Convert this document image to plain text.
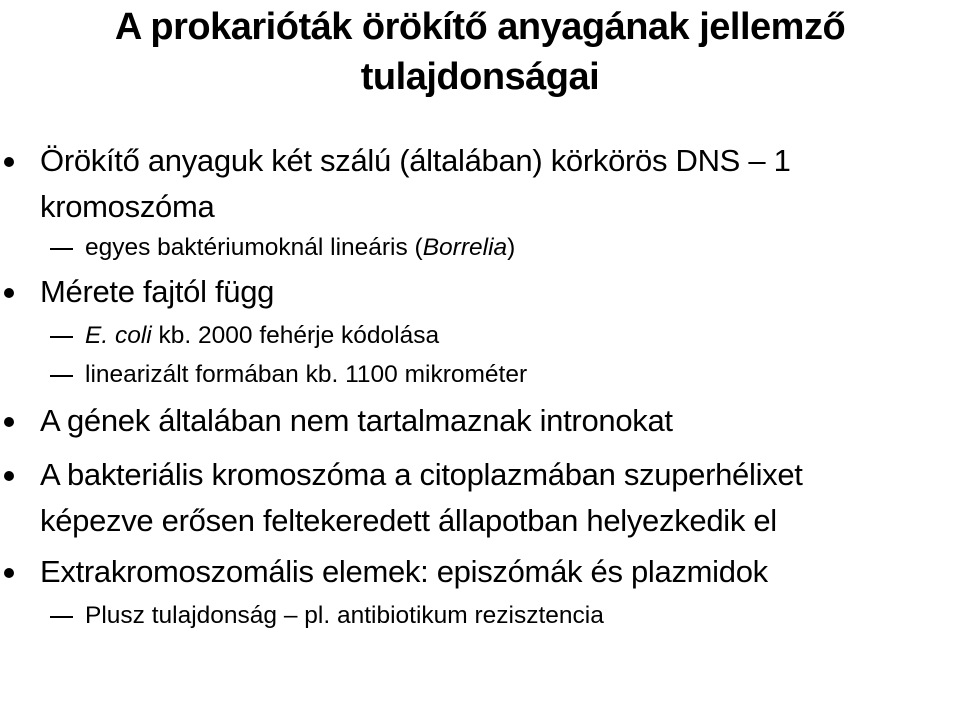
A prokarióták örökítő anyagának jellemző
tulajdonságai
Örökítő anyaguk két szálú (általában) körkörös DNS – 1
kromoszóma
egyes baktériumoknál lineáris (Borrelia)
Mérete fajtól függ
E. coli kb. 2000 fehérje kódolása
linearizált formában kb. 1100 mikrométer
A gének általában nem tartalmaznak intronokat
A bakteriális kromoszóma a citoplazmában szuperhélixet
képezve erősen feltekeredett állapotban helyezkedik el
Extrakromoszomális elemek: episzómák és plazmidok
Plusz tulajdonság – pl. antibiotikum rezisztencia
